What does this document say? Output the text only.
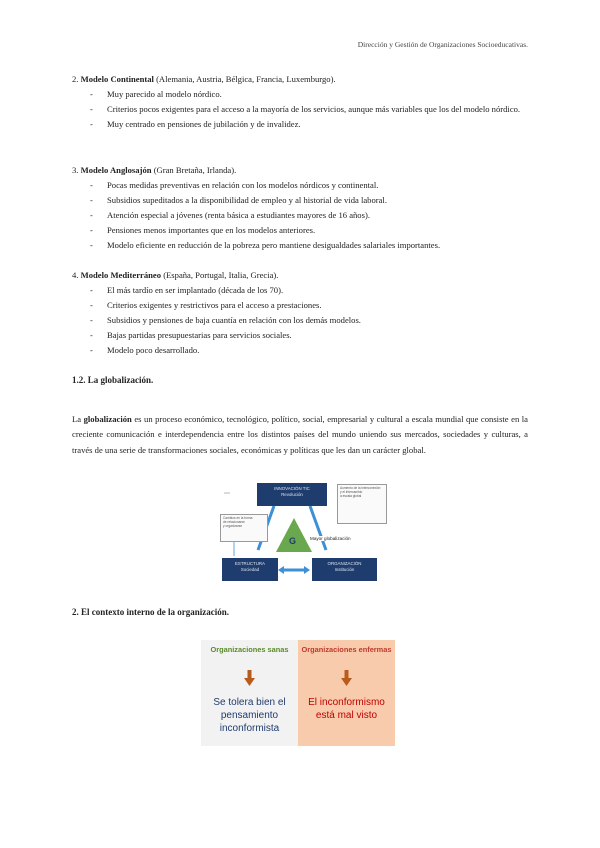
Dirección y Gestión de Organizaciones Socioeducativas.

2. Modelo Continental (Alemania, Austria, Bélgica, Francia, Luxemburgo).

- Muy parecido al modelo nórdico.
- Criterios pocos exigentes para el acceso a la mayoría de los servicios, aunque más variables que los del modelo nórdico.
- Muy centrado en pensiones de jubilación y de invalidez.

3. Modelo Anglosajón (Gran Bretaña, Irlanda).

- Pocas medidas preventivas en relación con los modelos nórdicos y continental.
- Subsidios supeditados a la disponibilidad de empleo y al historial de vida laboral.
- Atención especial a jóvenes (renta básica a estudiantes mayores de 16 años).
- Pensiones menos importantes que en los modelos anteriores.
- Modelo eficiente en reducción de la pobreza pero mantiene desigualdades salariales importantes.

4. Modelo Mediterráneo (España, Portugal, Italia, Grecia).

- El más tardío en ser implantado (década de los 70).
- Criterios exigentes y restrictivos para el acceso a prestaciones.
- Subsidios y pensiones de baja cuantía en relación con los demás modelos.
- Bajas partidas presupuestarias para servicios sociales.
- Modelo poco desarrollado.
1.2. La globalización.

La globalización es un proceso económico, tecnológico, político, social, empresarial y cultural a escala mundial que consiste en la creciente comunicación e interdependencia entre los distintos países del mundo uniendo sus mercados, sociedades y culturas, a través de una serie de transformaciones sociales, económicas y políticas que les dan un carácter global.

INNOVACIÓN TIC
Revolución
ESTRUCTURA
Sociedad
ORGANIZACIÓN
Institución
G	Mayor globalización
Aumento de la interconexión
y el intercambio
a escala global
Cambios en la forma
de relacionarse
y organizarse
2. El contexto interno de la organización.
Organizaciones sanas
Se tolera bien el
pensamiento
inconformista
Organizaciones enfermas
El inconformismo
está mal visto
